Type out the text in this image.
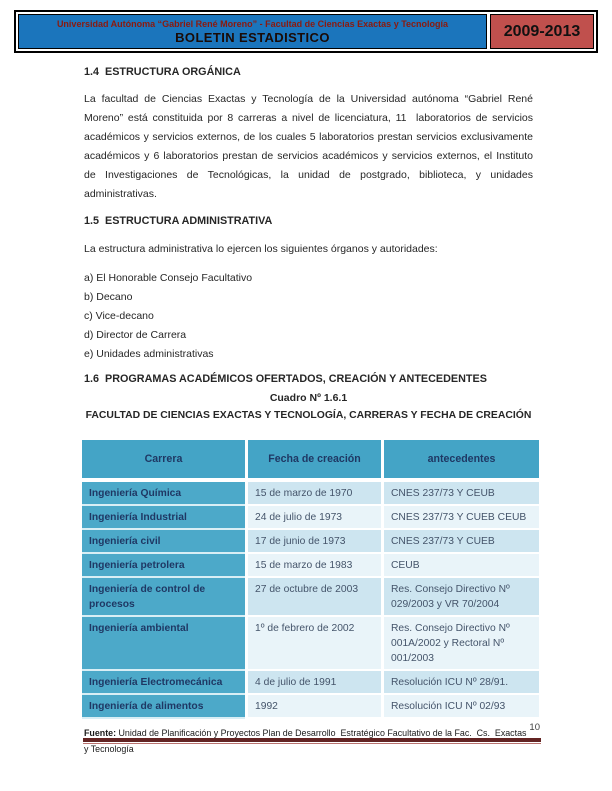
Universidad Autónoma “Gabriel René Moreno” - Facultad de Ciencias Exactas y Tecnología
BOLETIN ESTADISTICO	2009-2013
1.4  ESTRUCTURA ORGÁNICA

La facultad de Ciencias Exactas y Tecnología de la Universidad autónoma “Gabriel René Moreno” está constituida por 8 carreras a nivel de licenciatura, 11  laboratorios de servicios académicos y servicios externos, de los cuales 5 laboratorios prestan servicios exclusivamente académicos y 6 laboratorios prestan de servicios académicos y servicios externos, el Instituto de Investigaciones de Tecnológicas, la unidad de postgrado, biblioteca, y unidades administrativas.

1.5  ESTRUCTURA ADMINISTRATIVA

La estructura administrativa lo ejercen los siguientes órganos y autoridades:

a) El Honorable Consejo Facultativo
b) Decano
c) Vice-decano
d) Director de Carrera
e) Unidades administrativas
1.6  PROGRAMAS ACADÉMICOS OFERTADOS, CREACIÓN Y ANTECEDENTES
Cuadro Nº 1.6.1
FACULTAD DE CIENCIAS EXACTAS Y TECNOLOGÍA, CARRERAS Y FECHA DE CREACIÓN
Carrera	Fecha de creación	antecedentes
Ingeniería Química	15 de marzo de 1970	CNES 237/73 Y CEUB
Ingeniería Industrial	24 de julio de 1973	CNES 237/73 Y CUEB CEUB
Ingeniería civil	17 de junio de 1973	CNES 237/73 Y CUEB
Ingeniería petrolera	15 de marzo de 1983	CEUB
Ingeniería de control de procesos	27 de octubre de 2003	Res. Consejo Directivo Nº 029/2003 y VR 70/2004
Ingeniería ambiental	1º de febrero de 2002	Res. Consejo Directivo Nº 001A/2002 y Rectoral Nº 001/2003
Ingeniería Electromecánica	4 de julio de 1991	Resolución ICU Nº 28/91.
Ingeniería de alimentos	1992	Resolución ICU Nº 02/93
Fuente: Unidad de Planificación y Proyectos Plan de Desarrollo  Estratégico Facultativo de la Fac.  Cs.  Exactas y Tecnología
10
